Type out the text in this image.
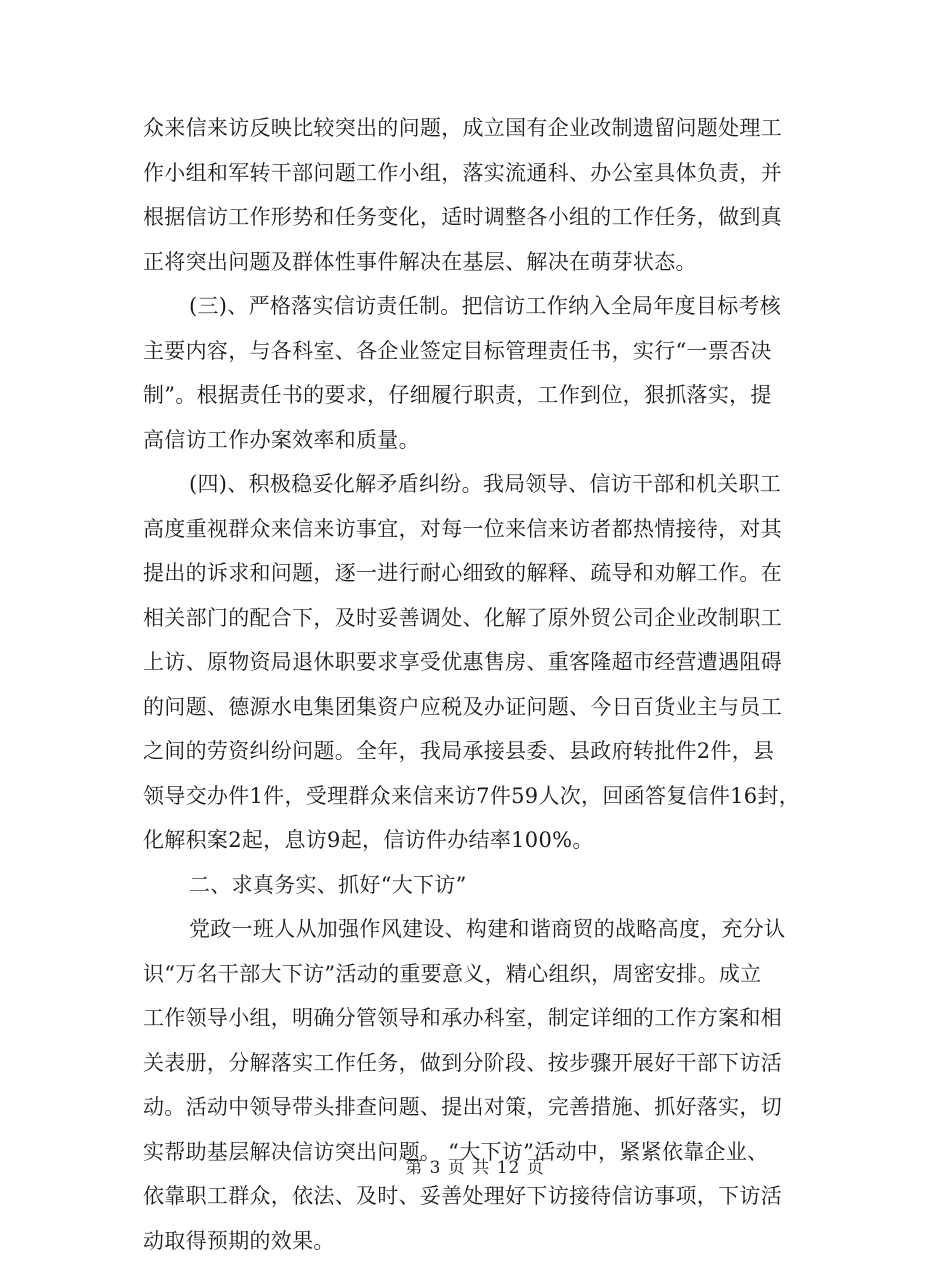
众来信来访反映比较突出的问题，成立国有企业改制遗留问题处理工
作小组和军转干部问题工作小组，落实流通科、办公室具体负责，并
根据信访工作形势和任务变化，适时调整各小组的工作任务，做到真
正将突出问题及群体性事件解决在基层、解决在萌芽状态。
(三)、严格落实信访责任制。把信访工作纳入全局年度目标考核
主要内容，与各科室、各企业签定目标管理责任书，实行“一票否决
制”。根据责任书的要求，仔细履行职责，工作到位，狠抓落实，提
高信访工作办案效率和质量。
(四)、积极稳妥化解矛盾纠纷。我局领导、信访干部和机关职工
高度重视群众来信来访事宜，对每一位来信来访者都热情接待，对其
提出的诉求和问题，逐一进行耐心细致的解释、疏导和劝解工作。在
相关部门的配合下，及时妥善调处、化解了原外贸公司企业改制职工
上访、原物资局退休职要求享受优惠售房、重客隆超市经营遭遇阻碍
的问题、德源水电集团集资户应税及办证问题、今日百货业主与员工
之间的劳资纠纷问题。全年，我局承接县委、县政府转批件2件，县
领导交办件1件，受理群众来信来访7件59人次，回函答复信件16封，
化解积案2起，息访9起，信访件办结率100%。
二、求真务实、抓好“大下访”
党政一班人从加强作风建设、构建和谐商贸的战略高度，充分认
识“万名干部大下访”活动的重要意义，精心组织，周密安排。成立
工作领导小组，明确分管领导和承办科室，制定详细的工作方案和相
关表册，分解落实工作任务，做到分阶段、按步骤开展好干部下访活
动。活动中领导带头排查问题、提出对策，完善措施、抓好落实，切
实帮助基层解决信访突出问题。 “大下访”活动中，紧紧依靠企业、
依靠职工群众，依法、及时、妥善处理好下访接待信访事项，下访活
动取得预期的效果。
第 3 页 共 12 页
